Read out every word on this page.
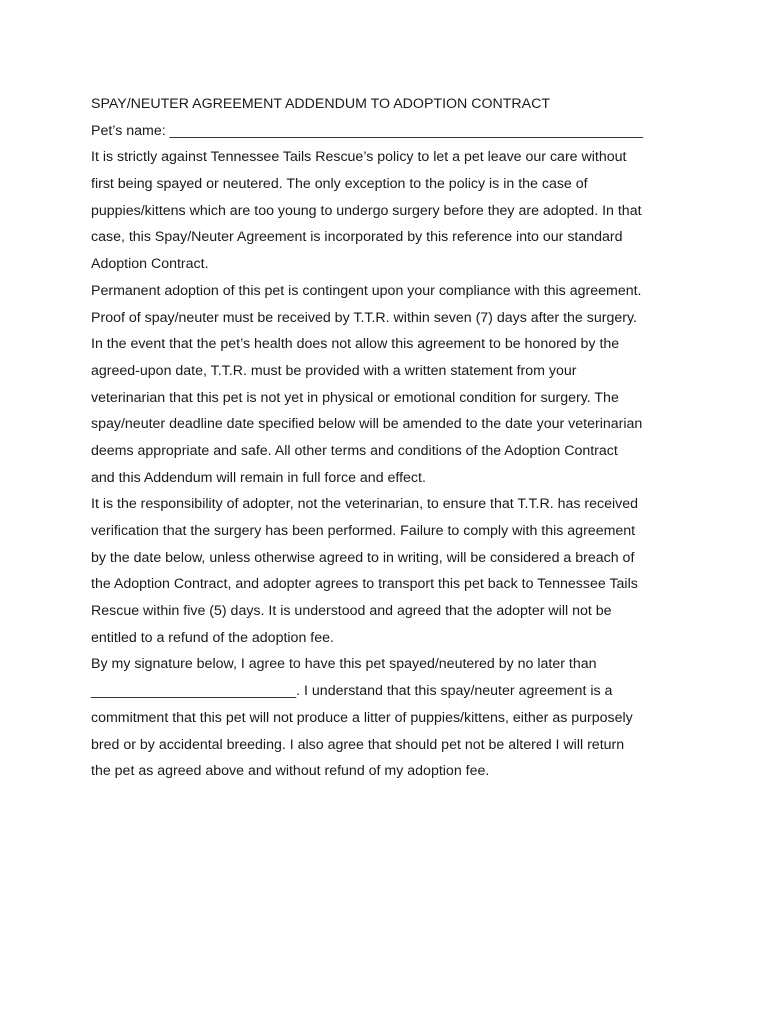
SPAY/NEUTER AGREEMENT ADDENDUM TO ADOPTION CONTRACT
Pet’s name: ____________________________________________________________
It is strictly against Tennessee Tails Rescue’s policy to let a pet leave our care without
first being spayed or neutered. The only exception to the policy is in the case of
puppies/kittens which are too young to undergo surgery before they are adopted. In that
case, this Spay/Neuter Agreement is incorporated by this reference into our standard
Adoption Contract.
Permanent adoption of this pet is contingent upon your compliance with this agreement.
Proof of spay/neuter must be received by T.T.R. within seven (7) days after the surgery.
In the event that the pet’s health does not allow this agreement to be honored by the
agreed-upon date, T.T.R. must be provided with a written statement from your
veterinarian that this pet is not yet in physical or emotional condition for surgery. The
spay/neuter deadline date specified below will be amended to the date your veterinarian
deems appropriate and safe. All other terms and conditions of the Adoption Contract
and this Addendum will remain in full force and effect.
It is the responsibility of adopter, not the veterinarian, to ensure that T.T.R. has received
verification that the surgery has been performed. Failure to comply with this agreement
by the date below, unless otherwise agreed to in writing, will be considered a breach of
the Adoption Contract, and adopter agrees to transport this pet back to Tennessee Tails
Rescue within five (5) days. It is understood and agreed that the adopter will not be
entitled to a refund of the adoption fee.
By my signature below, I agree to have this pet spayed/neutered by no later than
__________________________. I understand that this spay/neuter agreement is a
commitment that this pet will not produce a litter of puppies/kittens, either as purposely
bred or by accidental breeding. I also agree that should pet not be altered I will return
the pet as agreed above and without refund of my adoption fee.
